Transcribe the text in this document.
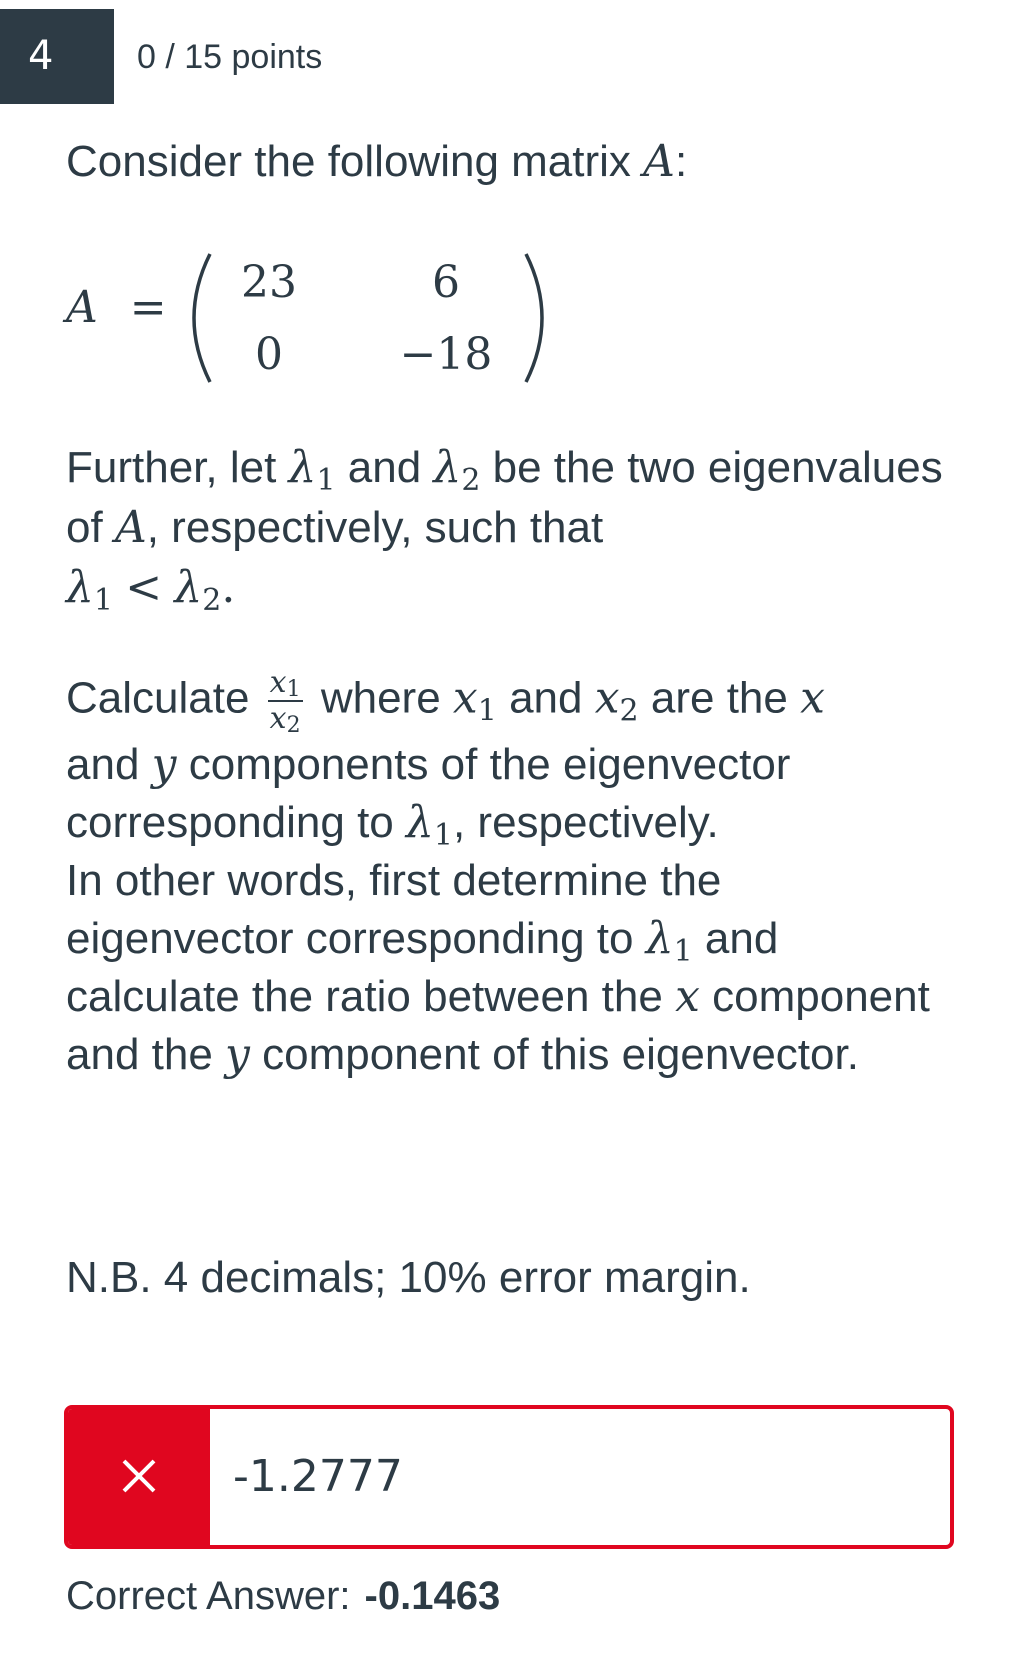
4	0 / 15 points
Consider the following matrix A:
Further, let $\lambda_1$ and $\lambda_2$ be the two eigenvalues of A, respectively, such that
$\lambda_1 < \lambda_2$.
Calculate $\frac{x_1}{x_2}$ where $x_1$ and $x_2$ are the x
and y components of the eigenvector corresponding to $\lambda_1$, respectively.
In other words, first determine the eigenvector corresponding to $\lambda_1$ and calculate the ratio between the x component and the y component of this eigenvector.
N.B. 4 decimals; 10% error margin.
A =	23	6
0	−18
-1.2777
Correct Answer: -0.1463
